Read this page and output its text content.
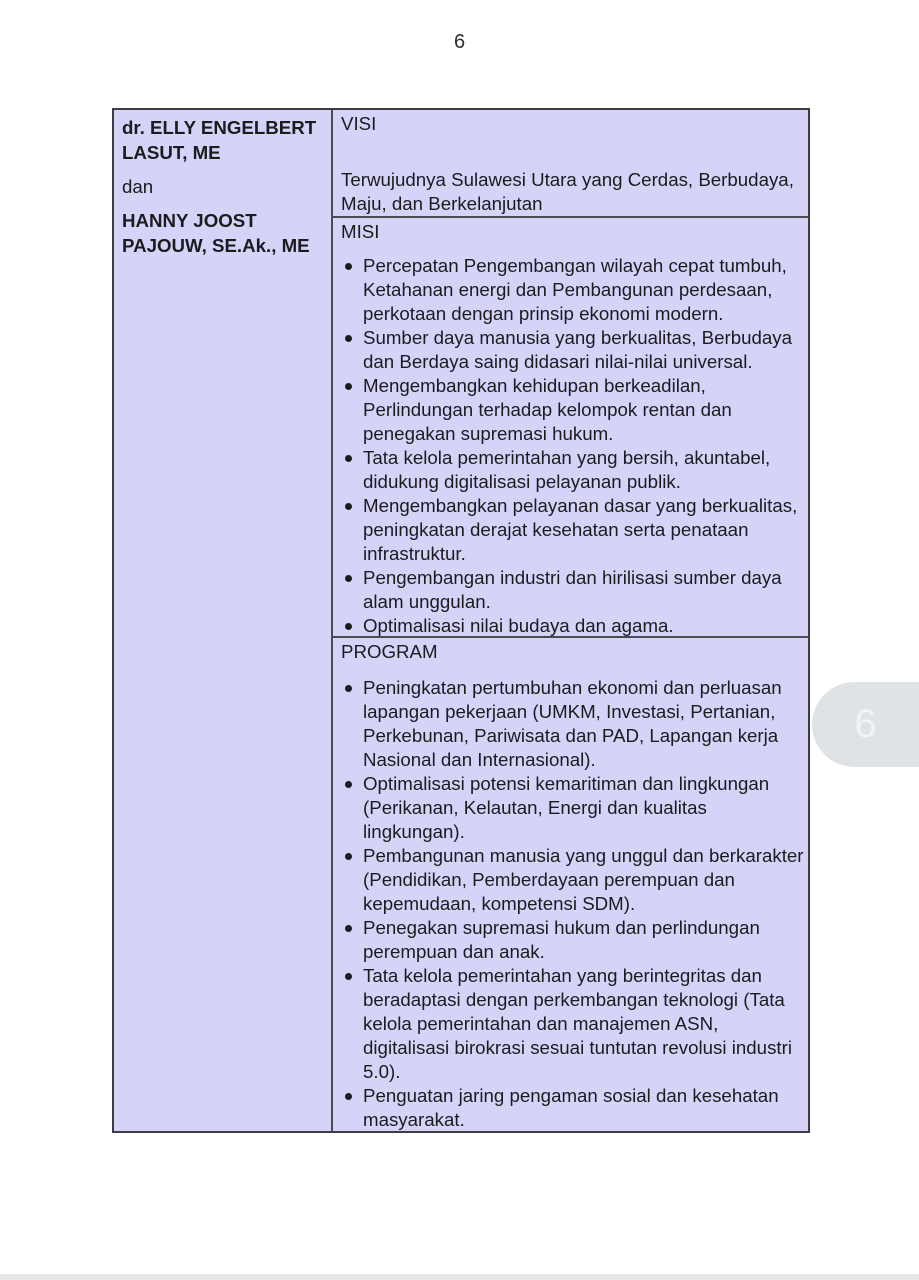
6

dr. ELLY ENGELBERT LASUT, ME

dan

HANNY JOOST PAJOUW, SE.Ak., ME

VISI
Terwujudnya Sulawesi Utara yang Cerdas, Berbudaya, Maju, dan Berkelanjutan
MISI
Percepatan Pengembangan wilayah cepat tumbuh, Ketahanan energi dan Pembangunan perdesaan, perkotaan dengan prinsip ekonomi modern.
Sumber daya manusia yang berkualitas, Berbudaya dan Berdaya saing didasari nilai-nilai universal.
Mengembangkan kehidupan berkeadilan, Perlindungan terhadap kelompok rentan dan penegakan supremasi hukum.
Tata kelola pemerintahan yang bersih, akuntabel, didukung digitalisasi pelayanan publik.
Mengembangkan pelayanan dasar yang berkualitas, peningkatan derajat kesehatan serta penataan infrastruktur.
Pengembangan industri dan hirilisasi sumber daya alam unggulan.
Optimalisasi nilai budaya dan agama.
PROGRAM
Peningkatan pertumbuhan ekonomi dan perluasan lapangan pekerjaan (UMKM, Investasi, Pertanian, Perkebunan, Pariwisata dan PAD, Lapangan kerja Nasional dan Internasional).
Optimalisasi potensi kemaritiman dan lingkungan (Perikanan, Kelautan, Energi dan kualitas lingkungan).
Pembangunan manusia yang unggul dan berkarakter (Pendidikan, Pemberdayaan perempuan dan kepemudaan, kompetensi SDM).
Penegakan supremasi hukum dan perlindungan perempuan dan anak.
Tata kelola pemerintahan yang berintegritas dan beradaptasi dengan perkembangan teknologi (Tata kelola pemerintahan dan manajemen ASN, digitalisasi birokrasi sesuai tuntutan revolusi industri 5.0).
Penguatan jaring pengaman sosial dan kesehatan masyarakat.
6
